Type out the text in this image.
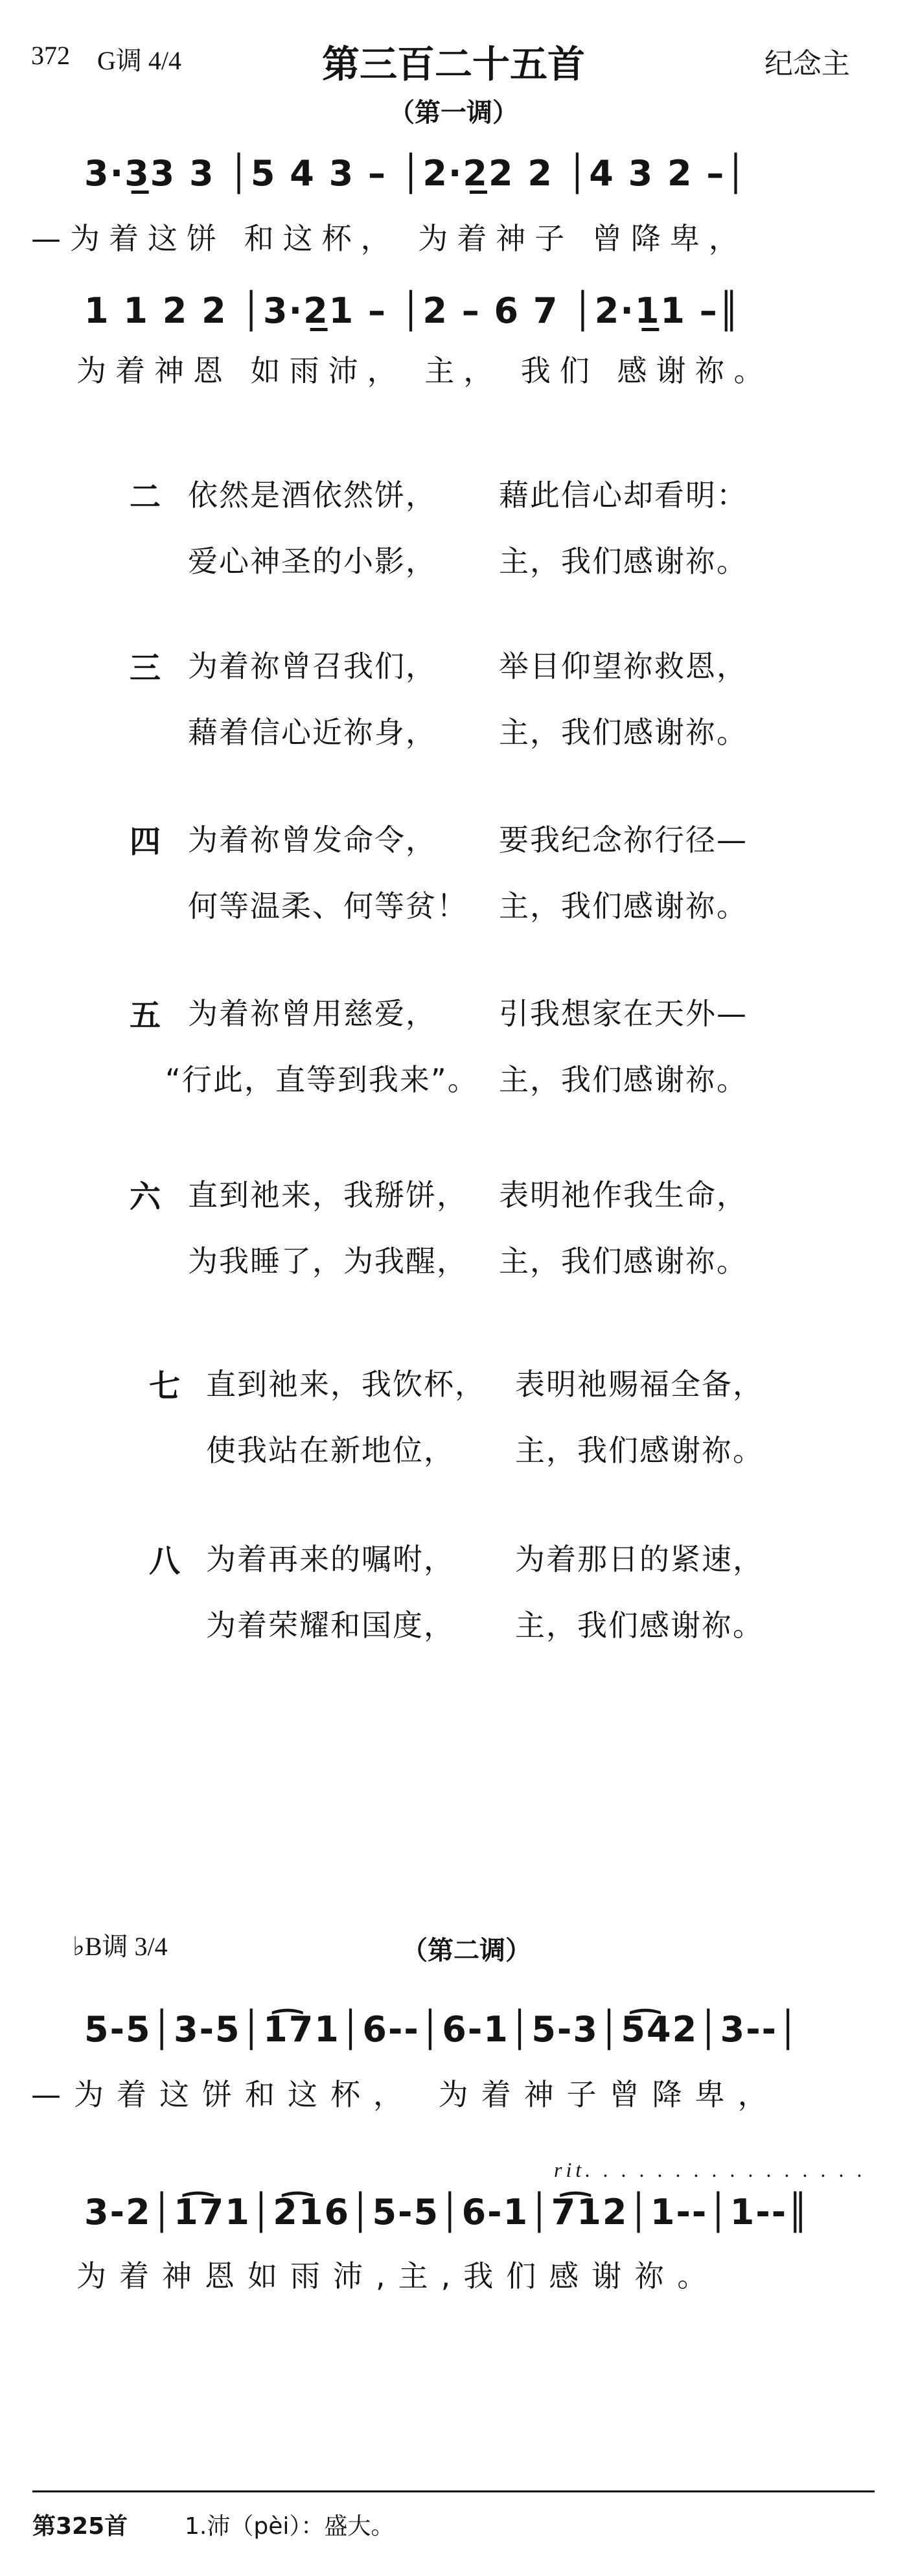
372 G调 4/4	第三百二十五首	纪念主
（第一调）
3·3̲3 3 │5 4 3 – │2·2̲2 2 │4 3 2 –│
—为着这饼 和这杯， 为着神子 曾降卑，
1 1 2 2 │3·2̲1 – │2 – 6 7 │2·1̲1 –║
为着神恩 如雨沛， 主， 我们 感谢祢。
二 依然是酒依然饼， 藉此信心却看明：
爱心神圣的小影， 主，我们感谢祢。
三 为着祢曾召我们， 举目仰望祢救恩，
藉着信心近祢身， 主，我们感谢祢。
四 为着祢曾发命令， 要我纪念祢行径—
何等温柔、何等贫！ 主，我们感谢祢。
五 为着祢曾用慈爱， 引我想家在天外—
“行此，直等到我来”。 主，我们感谢祢。
六 直到祂来，我掰饼， 表明祂作我生命，
为我睡了，为我醒， 主，我们感谢祢。
七 直到祂来，我饮杯， 表明祂赐福全备，
使我站在新地位， 主，我们感谢祢。
八 为着再来的嘱咐， 为着那日的紧速，
为着荣耀和国度， 主，我们感谢祢。
♭B调 3/4	（第二调）
5-5│3-5│1͡71│6--│6-1│5-3│5͡42│3--│
—为着这饼和这杯， 为着神子曾降卑，
rit. . . . . . . . . . . . . . . .
3-2│1͡71│2͡16│5-5│6-1│7͡12│1--│1--║
为着神恩如雨沛,主,我们感谢祢。
第325首 1.沛（pèi）：盛大。
